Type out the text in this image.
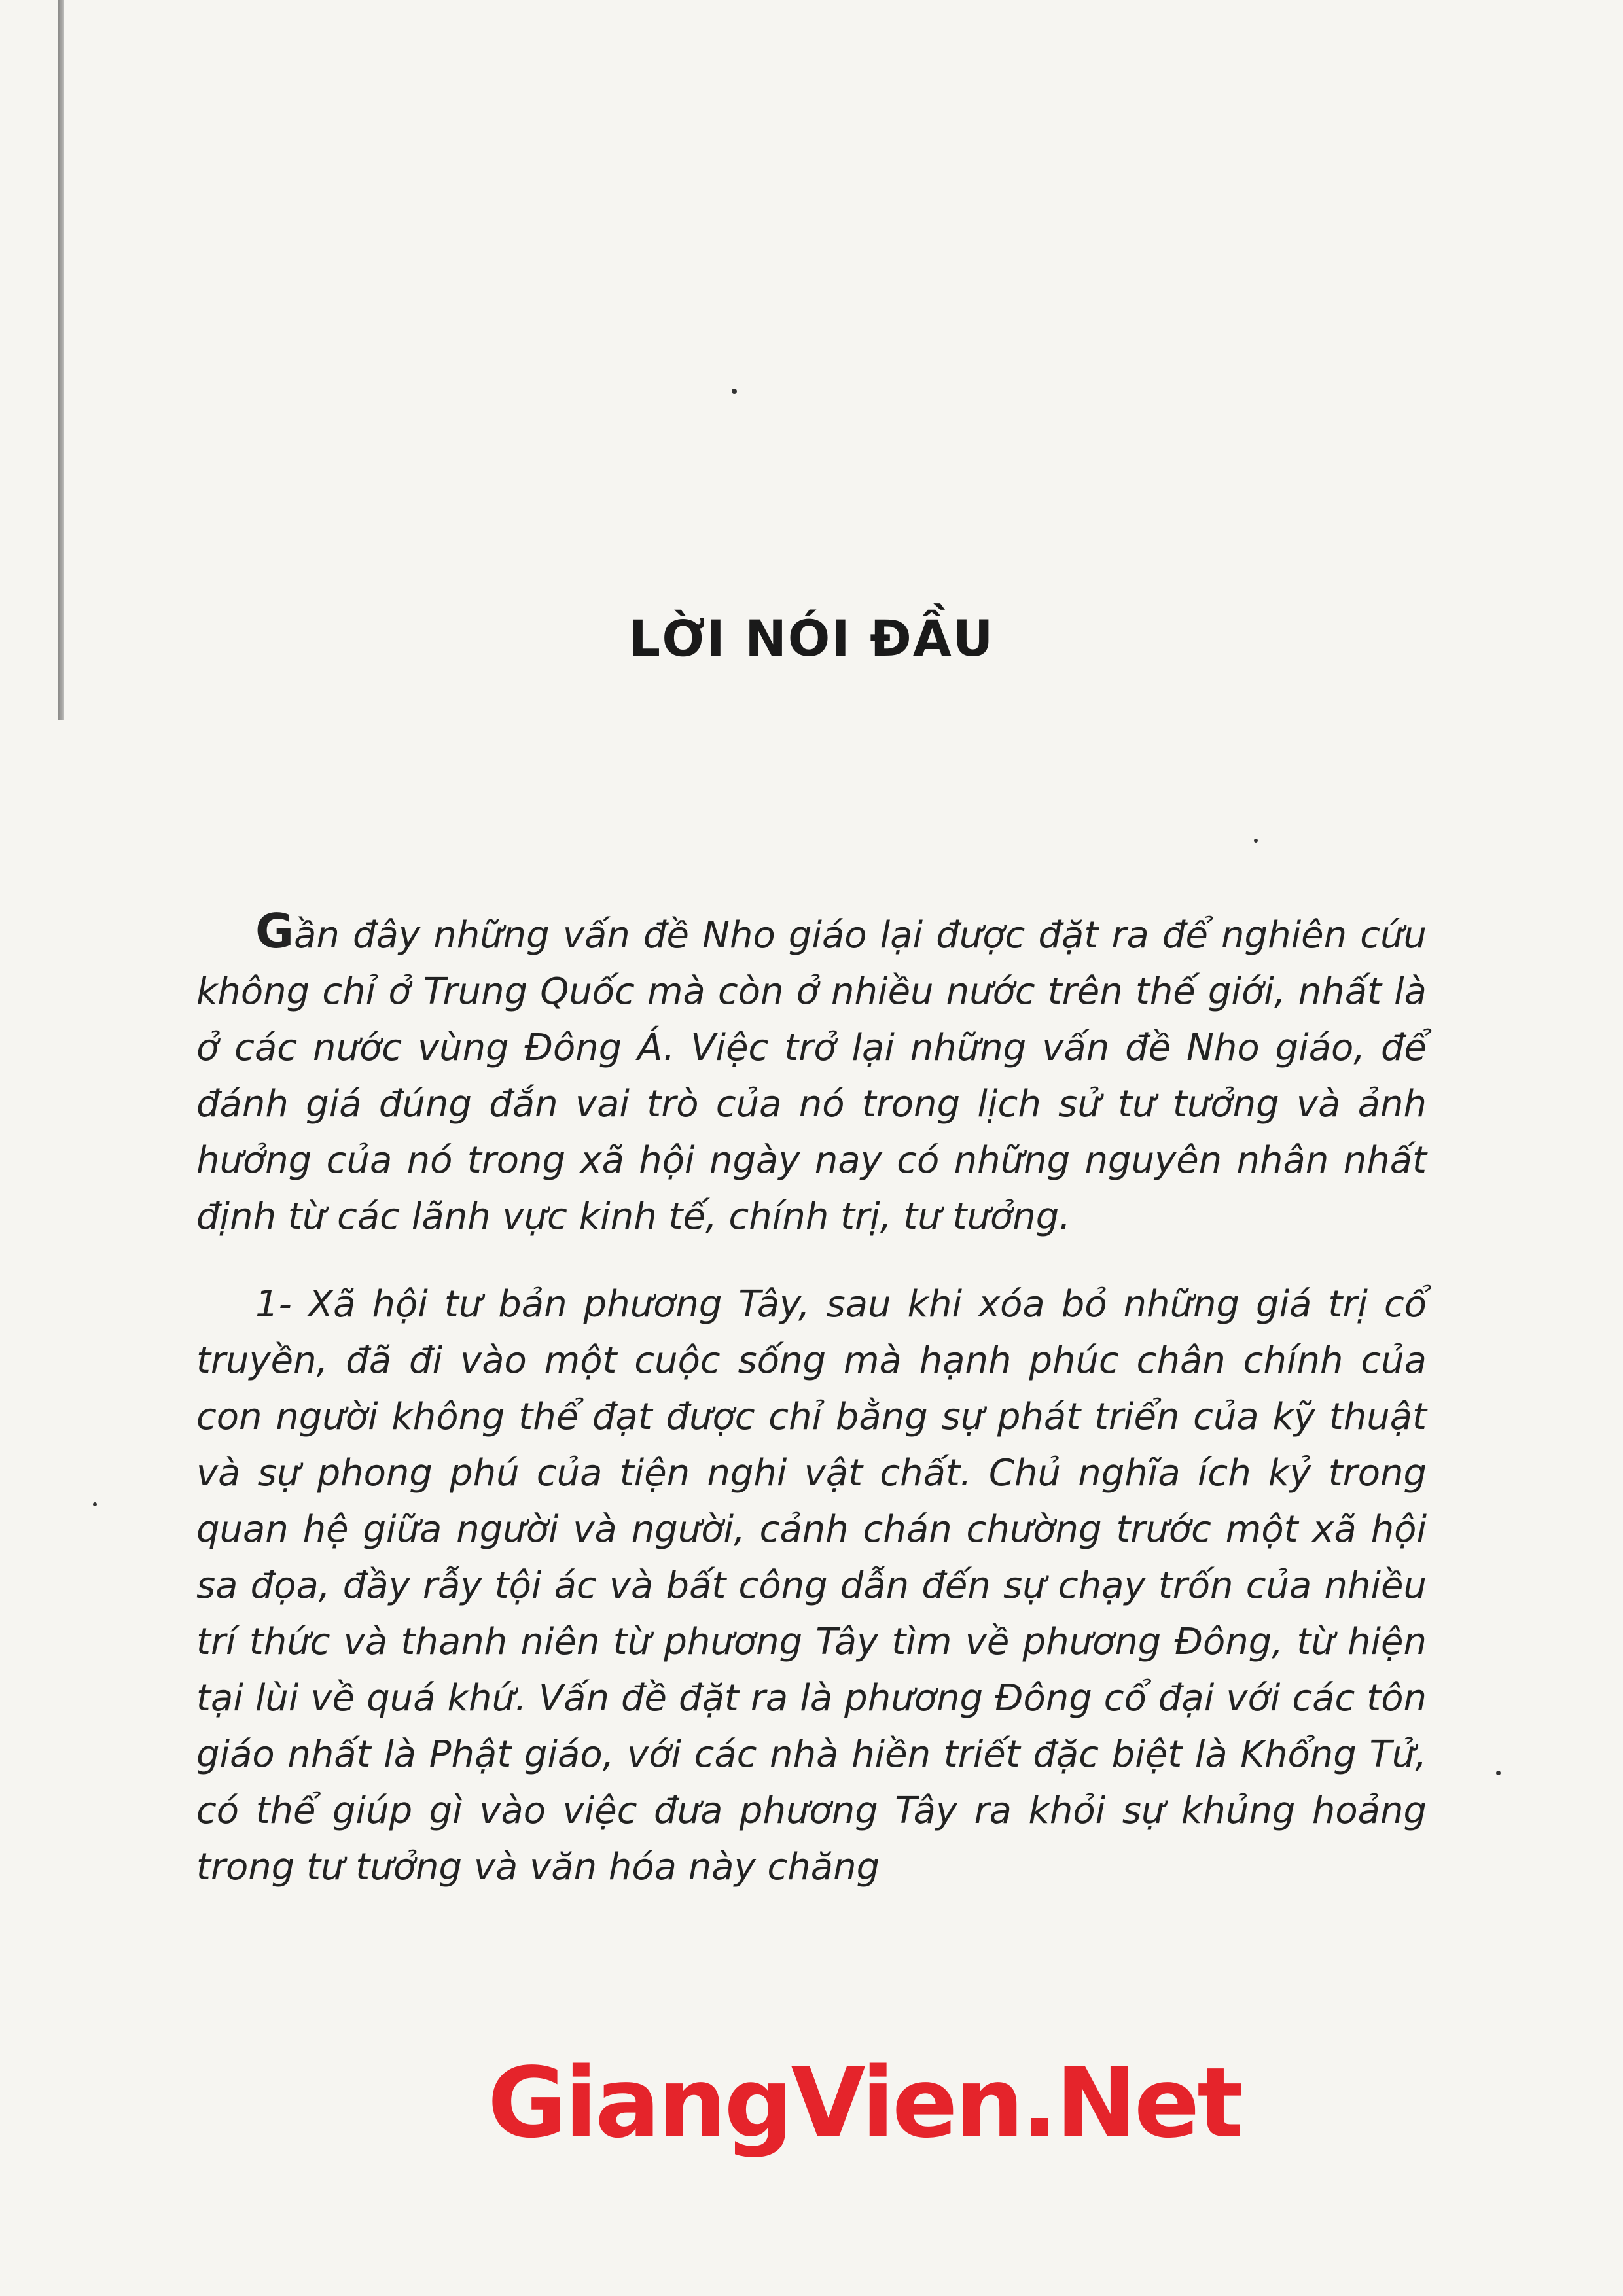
LỜI NÓI ĐẦU

Gần đây những vấn đề Nho giáo lại được đặt ra để nghiên cứu không chỉ ở Trung Quốc mà còn ở nhiều nước trên thế giới, nhất là ở các nước vùng Đông Á. Việc trở lại những vấn đề Nho giáo, để đánh giá đúng đắn vai trò của nó trong lịch sử tư tưởng và ảnh hưởng của nó trong xã hội ngày nay có những nguyên nhân nhất định từ các lãnh vực kinh tế, chính trị, tư tưởng.

1- Xã hội tư bản phương Tây, sau khi xóa bỏ những giá trị cổ truyền, đã đi vào một cuộc sống mà hạnh phúc chân chính của con người không thể đạt được chỉ bằng sự phát triển của kỹ thuật và sự phong phú của tiện nghi vật chất. Chủ nghĩa ích kỷ trong quan hệ giữa người và người, cảnh chán chường trước một xã hội sa đọa, đầy rẫy tội ác và bất công dẫn đến sự chạy trốn của nhiều trí thức và thanh niên từ phương Tây tìm về phương Đông, từ hiện tại lùi về quá khứ. Vấn đề đặt ra là phương Đông cổ đại với các tôn giáo nhất là Phật giáo, với các nhà hiền triết đặc biệt là Khổng Tử, có thể giúp gì vào việc đưa phương Tây ra khỏi sự khủng hoảng trong tư tưởng và văn hóa này chăng

GiangVien.Net
